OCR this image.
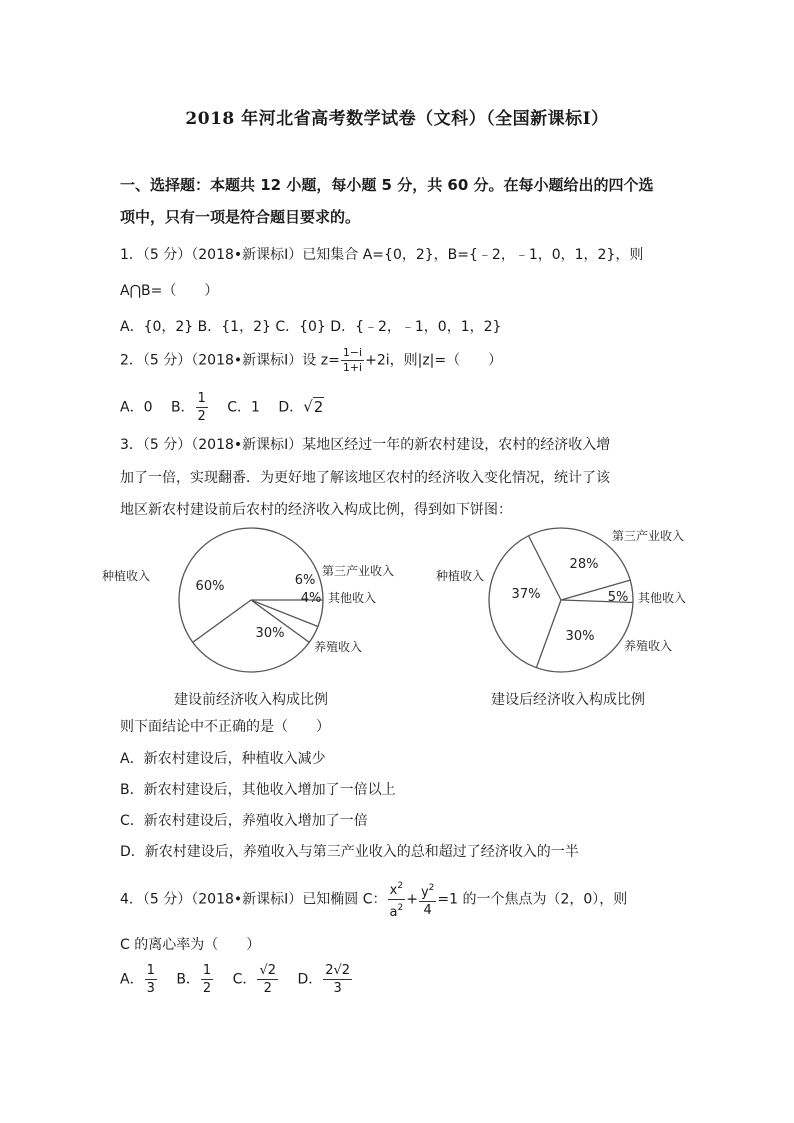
2018 年河北省高考数学试卷（文科）（全国新课标Ⅰ）
一、选择题：本题共 12 小题，每小题 5 分，共 60 分。在每小题给出的四个选
项中，只有一项是符合题目要求的。
1．（5 分）（2018•新课标Ⅰ）已知集合 A={0，2}，B={﹣2，﹣1，0，1，2}，则
A⋂B=（　　）
A．{0，2} B．{1，2} C．{0} D．{﹣2，﹣1，0，1，2}
2．（5 分）（2018•新课标Ⅰ）设 $z= \frac{1-i}{1+i} +2i$，则|z|=（　　）
A．0 B． $\frac{1}{2}$ C．1 D．√2
3．（5 分）（2018•新课标Ⅰ）某地区经过一年的新农村建设，农村的经济收入增
加了一倍，实现翻番．为更好地了解该地区农村的经济收入变化情况，统计了该
地区新农村建设前后农村的经济收入构成比例，得到如下饼图：
60%	6%
4%
30%
种植收入	第三产业收入
其他收入
养殖收入
建设前经济收入构成比例
37%
28%
5%
30%
种植收入
第三产业收入
其他收入
养殖收入
建设后经济收入构成比例
则下面结论中不正确的是（　　）
A．新农村建设后，种植收入减少
B．新农村建设后，其他收入增加了一倍以上
C．新农村建设后，养殖收入增加了一倍
D．新农村建设后，养殖收入与第三产业收入的总和超过了经济收入的一半
4．（5 分）（2018•新课标Ⅰ）已知椭圆 C： $\frac{x^2}{a^2} + \frac{y^2}{4} =1$ 的一个焦点为（2，0），则
C 的离心率为（　　）
A． $\frac{1}{3}$ B． $\frac{1}{2}$ C． $\frac{√2}{2}$ D． $\frac{2√2}{3}$
